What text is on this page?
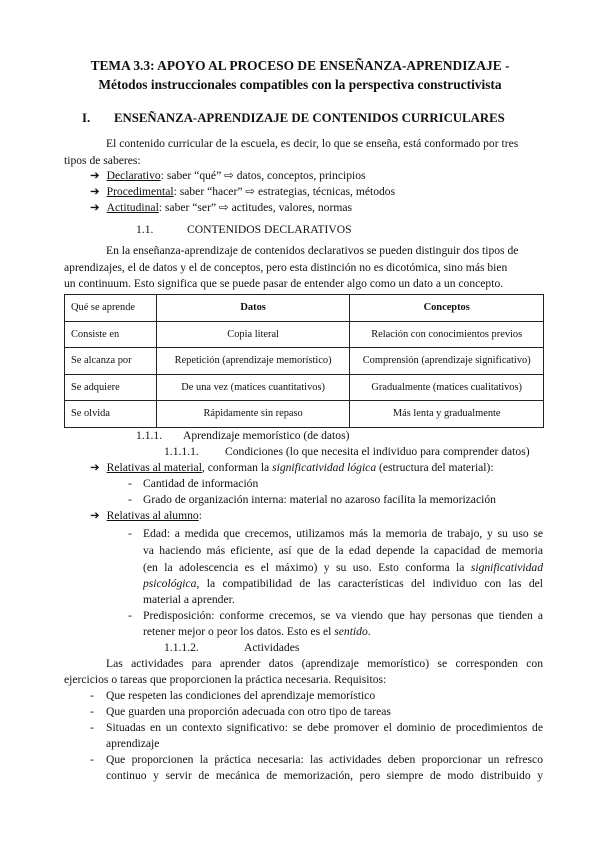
TEMA 3.3: APOYO AL PROCESO DE ENSEÑANZA-APRENDIZAJE -
Métodos instruccionales compatibles con la perspectiva constructivista
I. ENSEÑANZA-APRENDIZAJE DE CONTENIDOS CURRICULARES
El contenido curricular de la escuela, es decir, lo que se enseña, está conformado por tres
tipos de saberes:
➔ Declarativo: saber “qué” ⇨ datos, conceptos, principios
➔ Procedimental: saber “hacer” ⇨ estrategias, técnicas, métodos
➔ Actitudinal: saber “ser” ⇨ actitudes, valores, normas
1.1.	CONTENIDOS DECLARATIVOS
En la enseñanza-aprendizaje de contenidos declarativos se pueden distinguir dos tipos de
aprendizajes, el de datos y el de conceptos, pero esta distinción no es dicotómica, sino más bien
un continuum. Esto significa que se puede pasar de entender algo como un dato a un concepto.
Qué se aprende	Datos	Conceptos
Consiste en	Copia literal	Relación con conocimientos previos
Se alcanza por	Repetición (aprendizaje memorístico)	Comprensión (aprendizaje significativo)
Se adquiere	De una vez (matices cuantitativos)	Gradualmente (matices cualitativos)
Se olvida	Rápidamente sin repaso	Más lenta y gradualmente
1.1.1. Aprendizaje memorístico (de datos)
1.1.1.1. Condiciones (lo que necesita el individuo para comprender datos)
➔ Relativas al material, conforman la significatividad lógica (estructura del material):
- Cantidad de información
- Grado de organización interna: material no azaroso facilita la memorización
➔ Relativas al alumno:
- Edad: a medida que crecemos, utilizamos más la memoria de trabajo, y su uso se
va haciendo más eficiente, así que de la edad depende la capacidad de memoria
(en la adolescencia es el máximo) y su uso. Esto conforma la significatividad
psicológica, la compatibilidad de las características del individuo con las del
material a aprender.
- Predisposición: conforme crecemos, se va viendo que hay personas que tienden a
retener mejor o peor los datos. Esto es el sentido.
1.1.1.2.	Actividades
Las actividades para aprender datos (aprendizaje memorístico) se corresponden con
ejercicios o tareas que proporcionen la práctica necesaria. Requisitos:
- Que respeten las condiciones del aprendizaje memorístico
- Que guarden una proporción adecuada con otro tipo de tareas
- Situadas en un contexto significativo: se debe promover el dominio de procedimientos de
aprendizaje
- Que proporcionen la práctica necesaria: las actividades deben proporcionar un refresco
continuo y servir de mecánica de memorización, pero siempre de modo distribuido y
